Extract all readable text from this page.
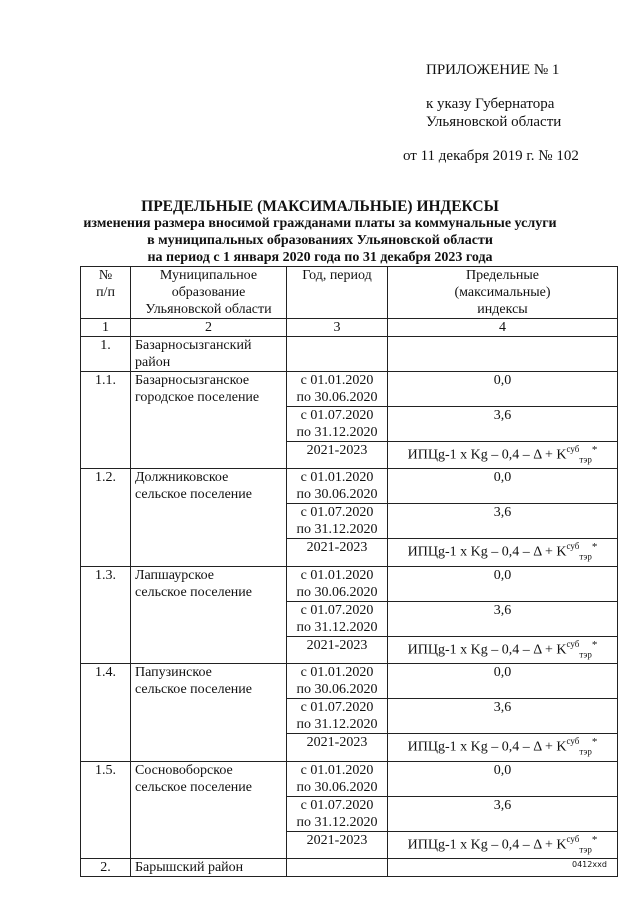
ПРИЛОЖЕНИЕ № 1
к указу Губернатора
Ульяновской области
от 11 декабря 2019 г. № 102
ПРЕДЕЛЬНЫЕ (МАКСИМАЛЬНЫЕ) ИНДЕКСЫ
изменения размера вносимой гражданами платы за коммунальные услуги
в муниципальных образованиях Ульяновской области
на период с 1 января 2020 года по 31 декабря 2023 года
№
п/п	Муниципальное
образование
Ульяновской области	Год, период	Предельные
(максимальные)
индексы

1	2	3	4
1.	Базарносызганский
район		

1.1.	Базарносызганское
городское поселение	с 01.01.2020
по 30.06.2020	0,0

		с 01.07.2020
по 31.12.2020	3,6
		2021-2023	ИПЦg-1 x $Kg - 0,4 - \Delta + K^{суб}_{тэр}^*$
1.2.	Должниковское
сельское поселение	с 01.01.2020
по 30.06.2020	0,0

		с 01.07.2020
по 31.12.2020	3,6
		2021-2023	ИПЦg-1 x $Kg - 0,4 - \Delta + K^{суб}_{тэр}^*$
1.3.	Лапшаурское
сельское поселение	с 01.01.2020
по 30.06.2020	0,0

		с 01.07.2020
по 31.12.2020	3,6
		2021-2023	ИПЦg-1 x $Kg - 0,4 - \Delta + K^{суб}_{тэр}^*$
1.4.	Папузинское
сельское поселение	с 01.01.2020
по 30.06.2020	0,0

		с 01.07.2020
по 31.12.2020	3,6
		2021-2023	ИПЦg-1 x $Kg - 0,4 - \Delta + K^{суб}_{тэр}^*$
1.5.	Сосновоборское
сельское поселение	с 01.01.2020
по 30.06.2020	0,0

		с 01.07.2020
по 31.12.2020	3,6
		2021-2023	ИПЦg-1 x $Kg - 0,4 - \Delta + K^{суб}_{тэр}^*$
2.	Барышский район			0412xxd
